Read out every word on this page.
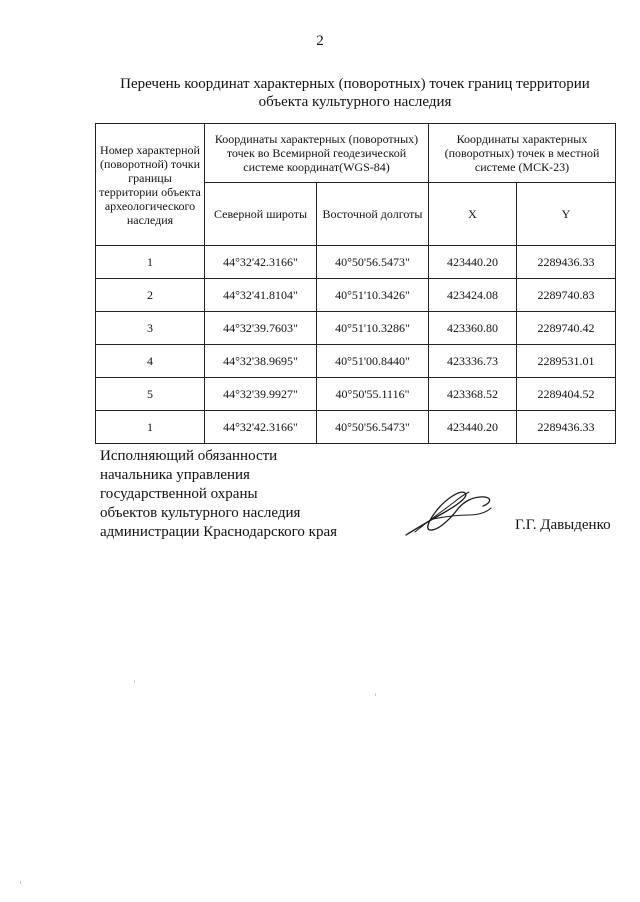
2
Перечень координат характерных (поворотных) точек границ территории
объекта культурного наследия
Номер характерной (поворотной) точки границы территории объекта археологического наследия	Координаты характерных (поворотных) точек во Всемирной геодезической системе координат(WGS-84)		Координаты характерных (поворотных) точек в местной системе (МСК-23)	
	Северной широты	Восточной долготы	X	Y
1	44°32'42.3166"	40°50'56.5473"	423440.20	2289436.33
2	44°32'41.8104"	40°51'10.3426"	423424.08	2289740.83
3	44°32'39.7603"	40°51'10.3286"	423360.80	2289740.42
4	44°32'38.9695"	40°51'00.8440"	423336.73	2289531.01
5	44°32'39.9927"	40°50'55.1116"	423368.52	2289404.52
1	44°32'42.3166"	40°50'56.5473"	423440.20	2289436.33
Исполняющий обязанности
начальника управления
государственной охраны
объектов культурного наследия
администрации Краснодарского края	Г.Г. Давыденко
